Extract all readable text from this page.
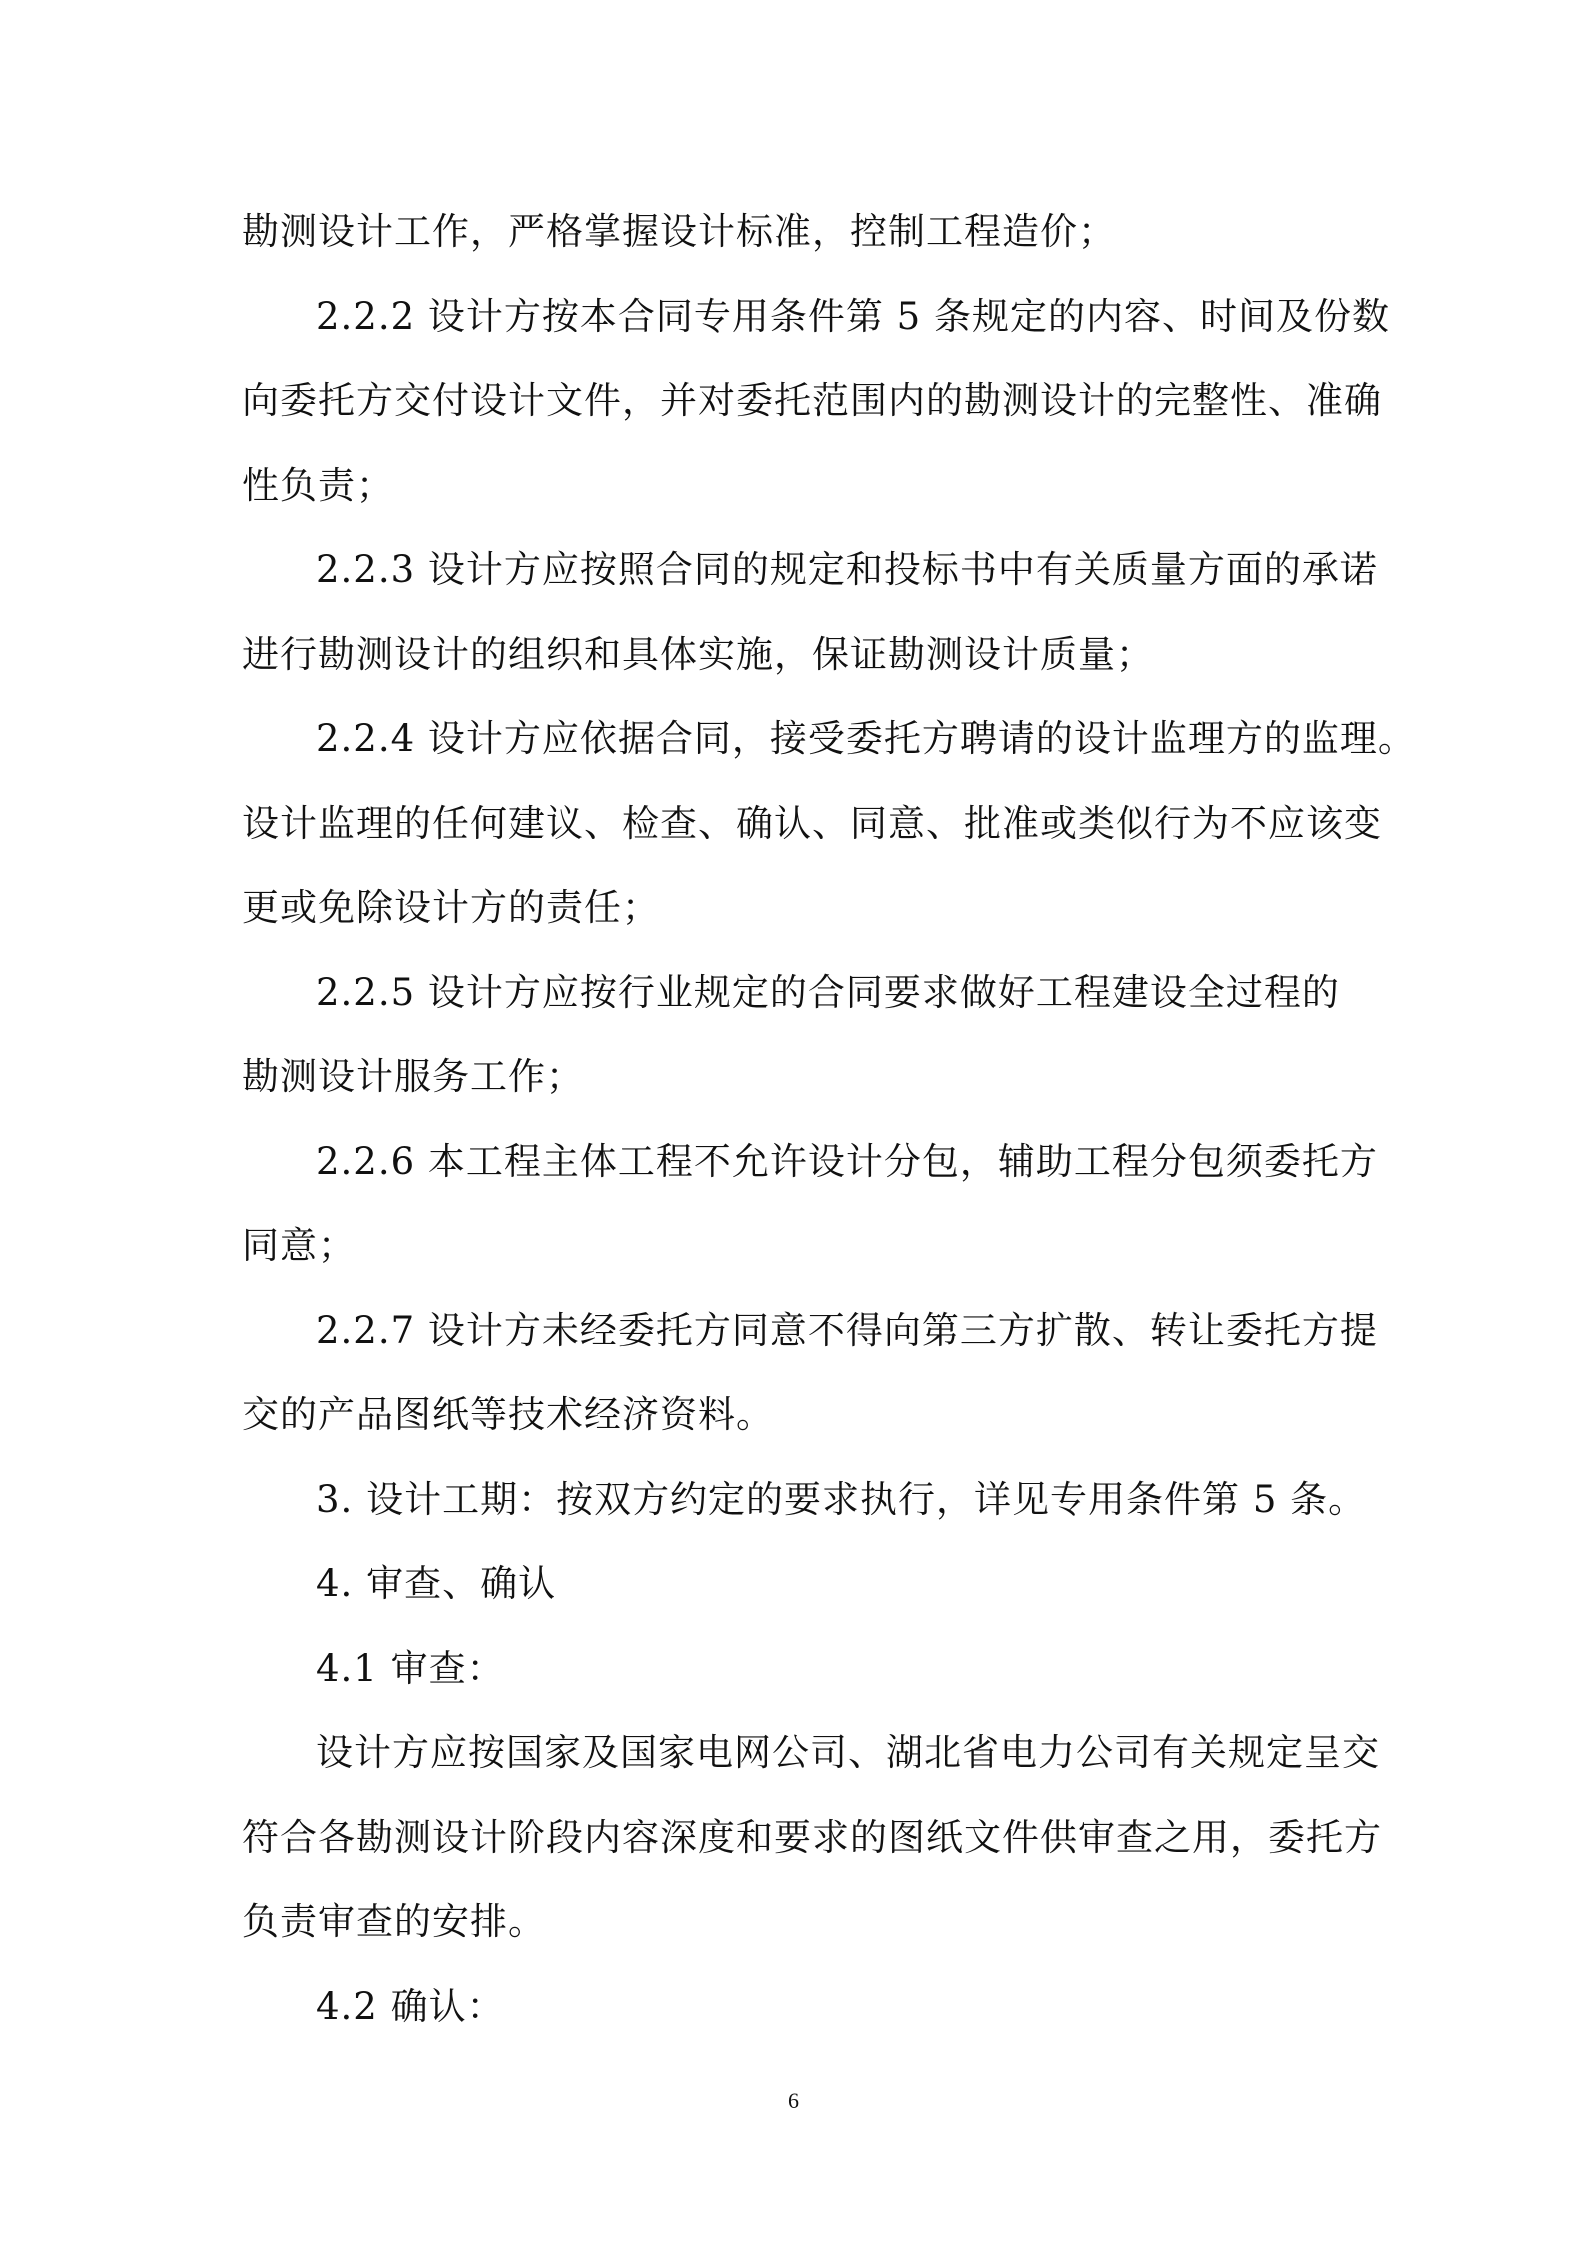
勘测设计工作，严格掌握设计标准，控制工程造价；
2.2.2 设计方按本合同专用条件第 5 条规定的内容、时间及份数
向委托方交付设计文件，并对委托范围内的勘测设计的完整性、准确
性负责；
2.2.3 设计方应按照合同的规定和投标书中有关质量方面的承诺
进行勘测设计的组织和具体实施，保证勘测设计质量；
2.2.4 设计方应依据合同，接受委托方聘请的设计监理方的监理。
设计监理的任何建议、检查、确认、同意、批准或类似行为不应该变
更或免除设计方的责任；
2.2.5 设计方应按行业规定的合同要求做好工程建设全过程的
勘测设计服务工作；
2.2.6 本工程主体工程不允许设计分包，辅助工程分包须委托方
同意；
2.2.7 设计方未经委托方同意不得向第三方扩散、转让委托方提
交的产品图纸等技术经济资料。
3. 设计工期：按双方约定的要求执行，详见专用条件第 5 条。
4. 审查、确认
4.1 审查：
设计方应按国家及国家电网公司、湖北省电力公司有关规定呈交
符合各勘测设计阶段内容深度和要求的图纸文件供审查之用，委托方
负责审查的安排。
4.2 确认：
6
